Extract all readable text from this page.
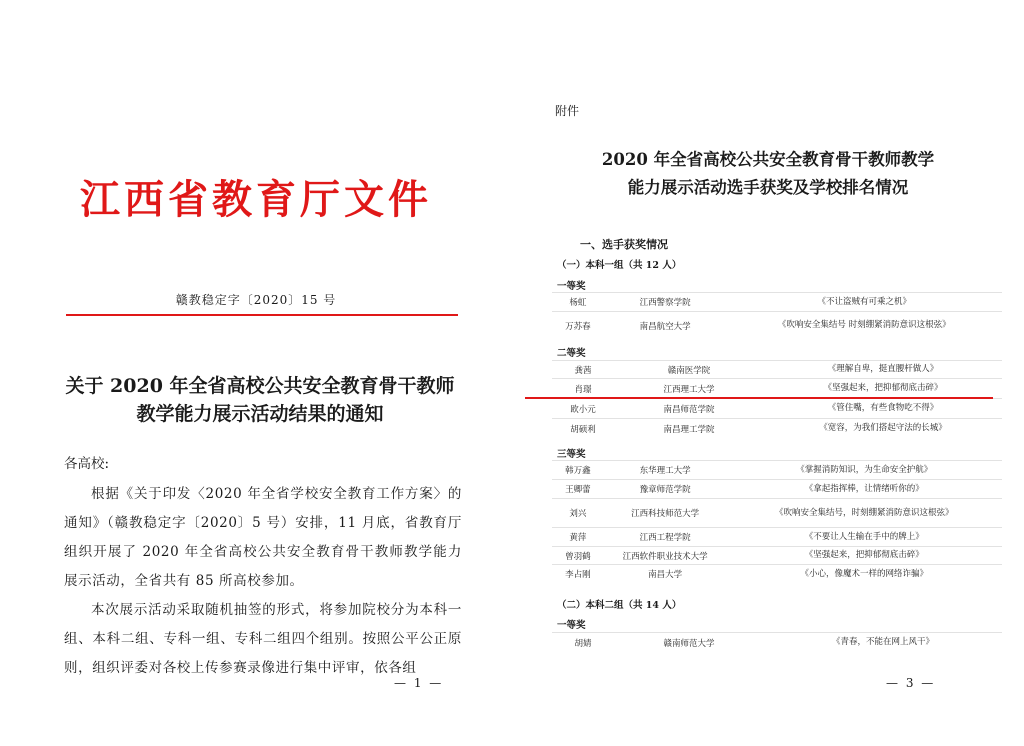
江西省教育厅文件
赣教稳定字〔2020〕15 号
关于 2020 年全省高校公共安全教育骨干教师
教学能力展示活动结果的通知
各高校:
根据《关于印发〈2020 年全省学校安全教育工作方案〉的通知》（赣教稳定字〔2020〕5 号）安排，11 月底，省教育厅组织开展了 2020 年全省高校公共安全教育骨干教师教学能力展示活动，全省共有 85 所高校参加。
本次展示活动采取随机抽签的形式，将参加院校分为本科一组、本科二组、专科一组、专科二组四个组别。按照公平公正原则，组织评委对各校上传参赛录像进行集中评审，依各组
— 1 —
附件
2020 年全省高校公共安全教育骨干教师教学
能力展示活动选手获奖及学校排名情况
一、选手获奖情况
（一）本科一组（共 12 人）
一等奖
杨虹	江西警察学院	《不让盗贼有可乘之机》
万苏春	南昌航空大学	《吹响安全集结号 时刻绷紧消防意识这根弦》
二等奖
龚茜	赣南医学院	《理解自卑，挺直腰杆做人》
肖璟	江西理工大学	《坚强起来，把抑郁彻底击碎》
欧小元	南昌师范学院	《管住嘴，有些食物吃不得》
胡硕利	南昌理工学院	《宽容，为我们搭起守法的长城》
三等奖
韩万鑫	东华理工大学	《掌握消防知识，为生命安全护航》
王卿蕾	豫章师范学院	《拿起指挥棒，让情绪听你的》
刘兴	江西科技师范大学	《吹响安全集结号，时刻绷紧消防意识这根弦》
黄萍	江西工程学院	《不要让人生输在手中的牌上》
曾羽鹤	江西软件职业技术大学	《坚强起来，把抑郁彻底击碎》
李占刚	南昌大学	《小心，像魔术一样的网络诈骗》
（二）本科二组（共 14 人）
一等奖
胡婧	赣南师范大学	《青春，不能在网上风干》
— 3 —
